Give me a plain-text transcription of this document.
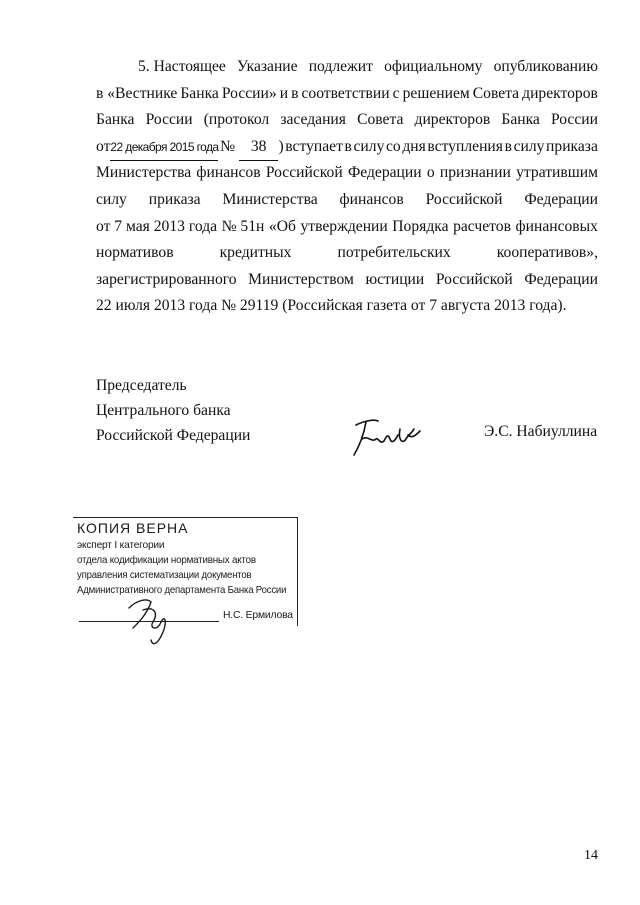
5. Настоящее Указание подлежит официальному опубликованию
в «Вестнике Банка России» и в соответствии с решением Совета директоров
Банка России (протокол заседания Совета директоров Банка России
от22 декабря 2015 года № 38 ) вступает в силу со дня вступления в силу приказа
Министерства финансов Российской Федерации о признании утратившим
силу приказа Министерства финансов Российской Федерации
от 7 мая 2013 года № 51н «Об утверждении Порядка расчетов финансовых
нормативов	кредитных	потребительских	кооперативов»,
зарегистрированного Министерством юстиции Российской Федерации
22 июля 2013 года № 29119 (Российская газета от 7 августа 2013 года).
Председатель
Центрального банка
Российской Федерации	Э.С. Набиуллина
КОПИЯ ВЕРНА
эксперт I категории
отдела кодификации нормативных актов
управления систематизации документов
Административного департамента Банка России
Н.С. Ермилова
14
